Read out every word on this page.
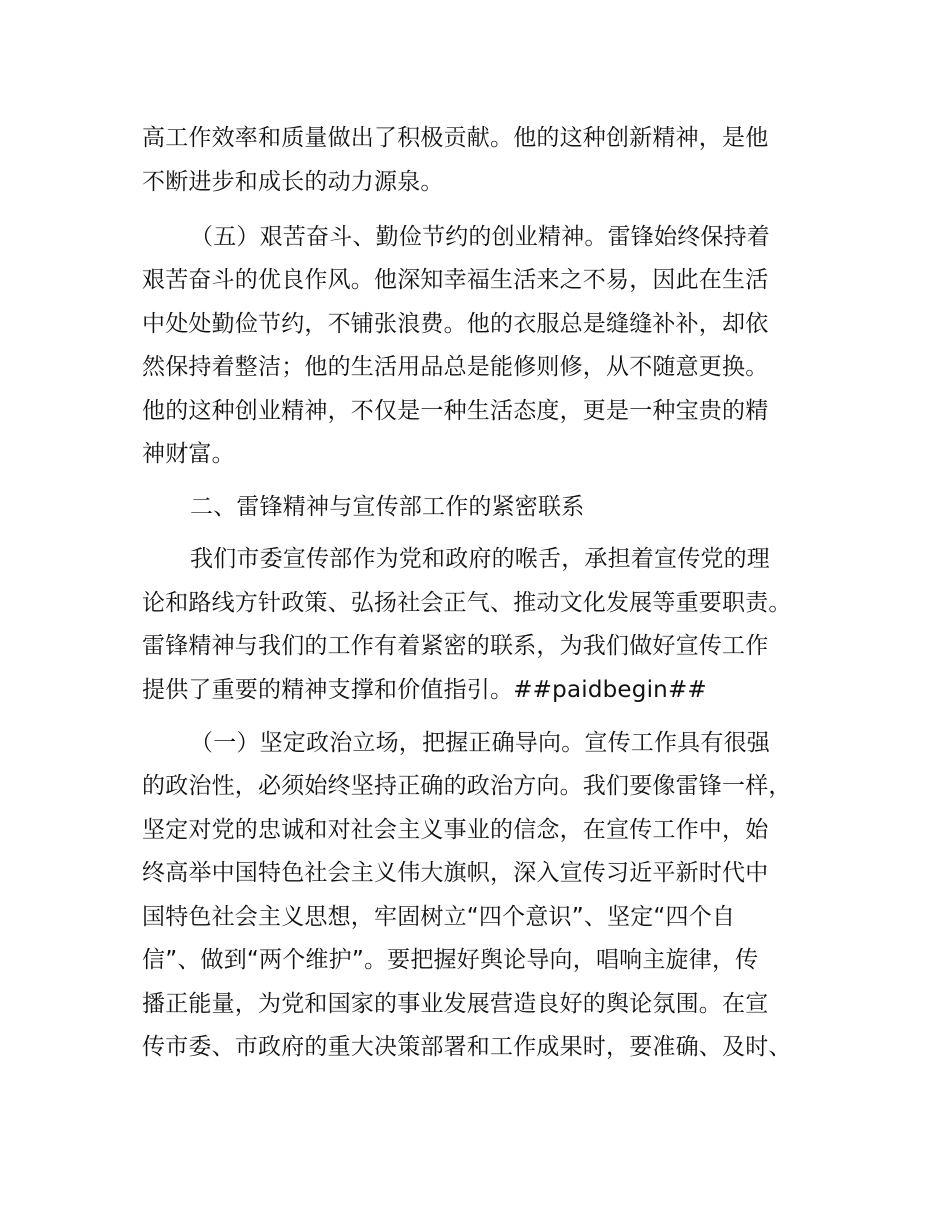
高工作效率和质量做出了积极贡献。他的这种创新精神，是他

不断进步和成长的动力源泉。

（五）艰苦奋斗、勤俭节约的创业精神。雷锋始终保持着

艰苦奋斗的优良作风。他深知幸福生活来之不易，因此在生活

中处处勤俭节约，不铺张浪费。他的衣服总是缝缝补补，却依

然保持着整洁；他的生活用品总是能修则修，从不随意更换。

他的这种创业精神，不仅是一种生活态度，更是一种宝贵的精

神财富。

二、雷锋精神与宣传部工作的紧密联系

我们市委宣传部作为党和政府的喉舌，承担着宣传党的理

论和路线方针政策、弘扬社会正气、推动文化发展等重要职责。

雷锋精神与我们的工作有着紧密的联系，为我们做好宣传工作

提供了重要的精神支撑和价值指引。##paidbegin##

（一）坚定政治立场，把握正确导向。宣传工作具有很强

的政治性，必须始终坚持正确的政治方向。我们要像雷锋一样，

坚定对党的忠诚和对社会主义事业的信念，在宣传工作中，始

终高举中国特色社会主义伟大旗帜，深入宣传习近平新时代中

国特色社会主义思想，牢固树立“四个意识”、坚定“四个自

信”、做到“两个维护”。要把握好舆论导向，唱响主旋律，传

播正能量，为党和国家的事业发展营造良好的舆论氛围。在宣

传市委、市政府的重大决策部署和工作成果时，要准确、及时、
